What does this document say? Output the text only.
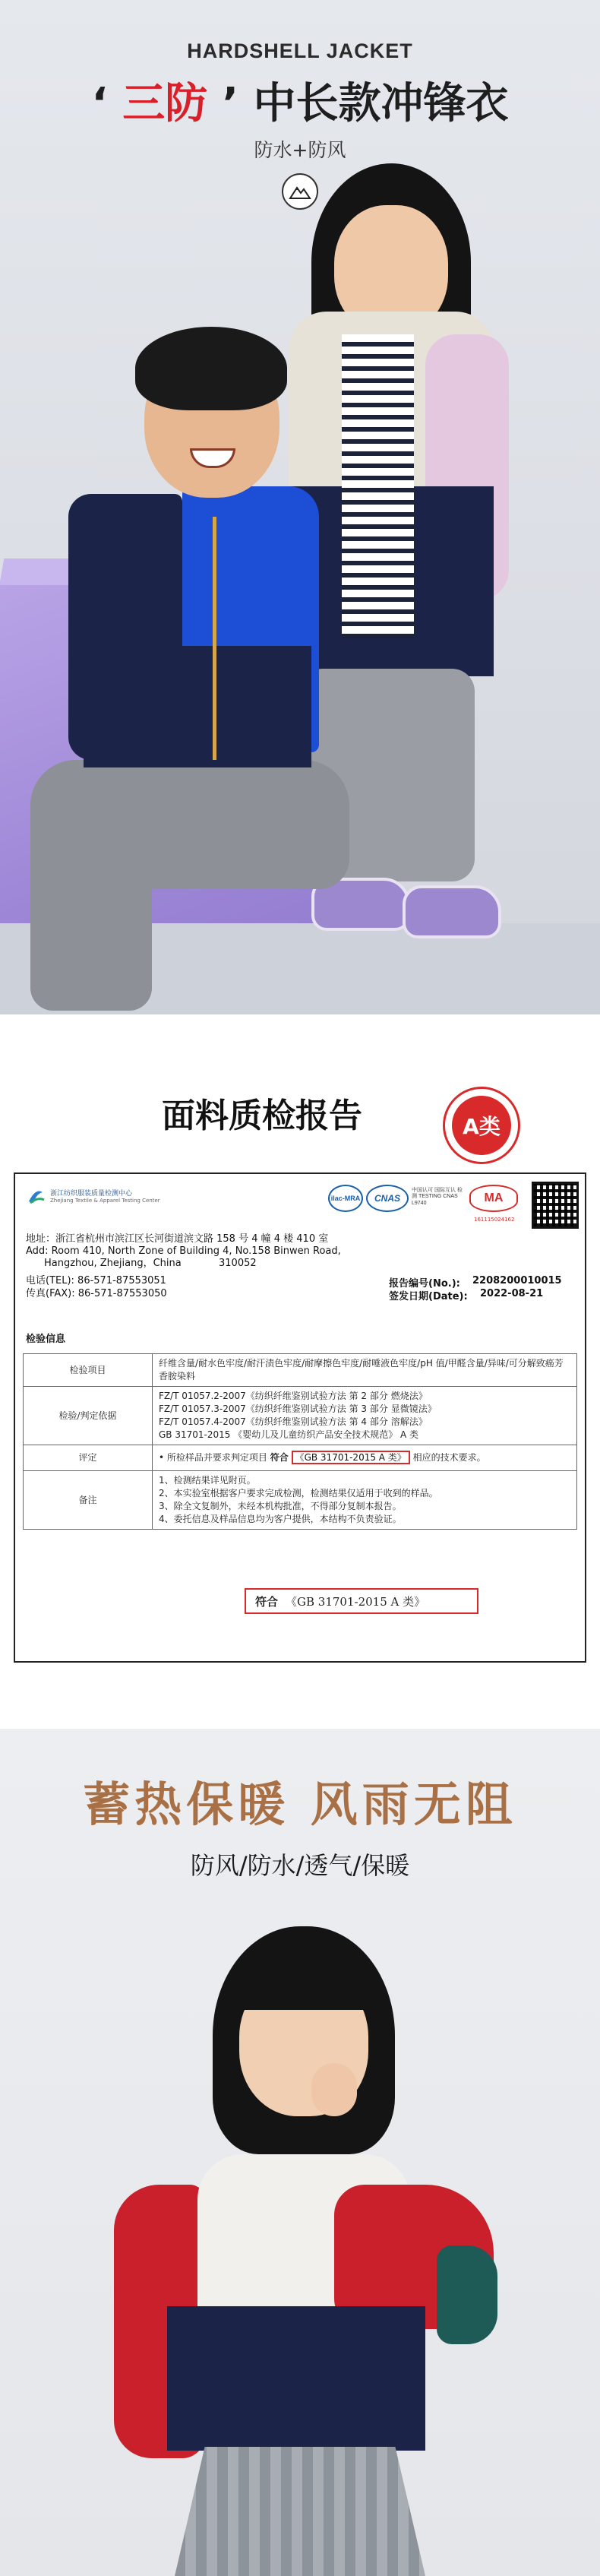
HARDSHELL JACKET
‘ 三防 ’ 中长款冲锋衣
防水+防风
面料质检报告	A类
浙江纺织服装质量检测中心
Zhejiang Textile & Apparel Testing Center	ilac-MRA	CNAS
中国认可 国际互认 检测 TESTING CNAS L9740	MA
161115024162
地址：浙江省杭州市滨江区长河街道滨文路 158 号 4 幢 4 楼 410 室
Add: Room 410, North Zone of Building 4, No.158 Binwen Road,
Hangzhou, Zhejiang，China	310052
电话(TEL): 86-571-87553051
传真(FAX): 86-571-87553050
报告编号(No.): 2208200010015
签发日期(Date): 2022-08-21
检验信息
检验项目	纤维含量/耐水色牢度/耐汗渍色牢度/耐摩擦色牢度/耐唾液色牢度/pH 值/甲醛含量/异味/可分解致癌芳香胺染料
检验/判定依据	FZ/T 01057.2-2007《纺织纤维鉴别试验方法 第 2 部分 燃烧法》
FZ/T 01057.3-2007《纺织纤维鉴别试验方法 第 3 部分 显微镜法》
FZ/T 01057.4-2007《纺织纤维鉴别试验方法 第 4 部分 溶解法》
GB 31701-2015 《婴幼儿及儿童纺织产品安全技术规范》 A 类

评定	• 所检样品并要求判定项目 符合 《GB 31701-2015 A 类》 相应的技术要求。
备注	1、检测结果详见附页。
2、本实验室根据客户要求完成检测，检测结果仅适用于收到的样品。
3、除全文复制外，未经本机构批准，不得部分复制本报告。
4、委托信息及样品信息均为客户提供，本结构不负责验证。
符合 《GB 31701-2015 A 类》
蓄热保暖 风雨无阻
防风/防水/透气/保暖
